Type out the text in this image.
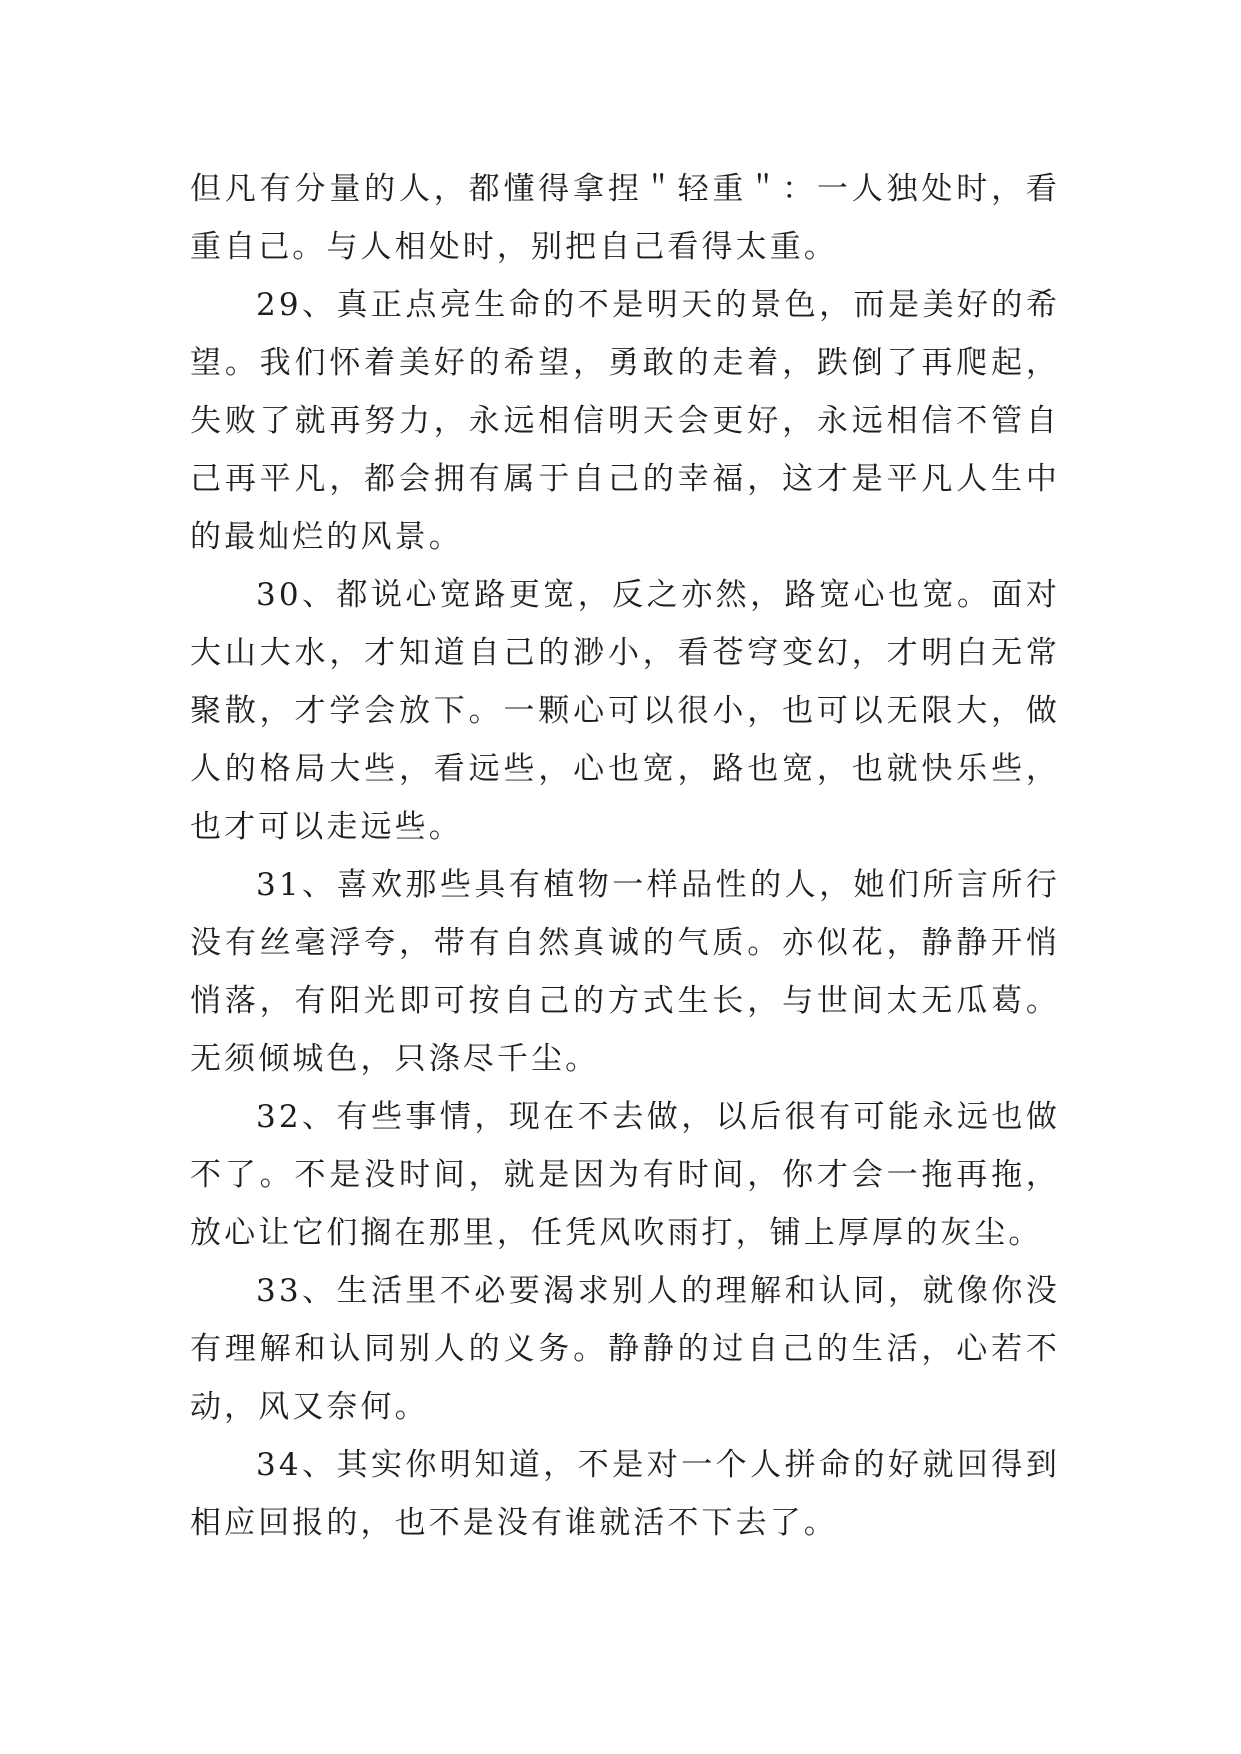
但凡有分量的人，都懂得拿捏＂轻重＂：一人独处时，看重自己。与人相处时，别把自己看得太重。

29、真正点亮生命的不是明天的景色，而是美好的希望。我们怀着美好的希望，勇敢的走着，跌倒了再爬起，失败了就再努力，永远相信明天会更好，永远相信不管自己再平凡，都会拥有属于自己的幸福，这才是平凡人生中的最灿烂的风景。

30、都说心宽路更宽，反之亦然，路宽心也宽。面对大山大水，才知道自己的渺小，看苍穹变幻，才明白无常聚散，才学会放下。一颗心可以很小，也可以无限大，做人的格局大些，看远些，心也宽，路也宽，也就快乐些，也才可以走远些。

31、喜欢那些具有植物一样品性的人，她们所言所行没有丝毫浮夸，带有自然真诚的气质。亦似花，静静开悄悄落，有阳光即可按自己的方式生长，与世间太无瓜葛。无须倾城色，只涤尽千尘。

32、有些事情，现在不去做，以后很有可能永远也做不了。不是没时间，就是因为有时间，你才会一拖再拖，放心让它们搁在那里，任凭风吹雨打，铺上厚厚的灰尘。

33、生活里不必要渴求别人的理解和认同，就像你没有理解和认同别人的义务。静静的过自己的生活，心若不动，风又奈何。

34、其实你明知道，不是对一个人拼命的好就回得到相应回报的，也不是没有谁就活不下去了。
